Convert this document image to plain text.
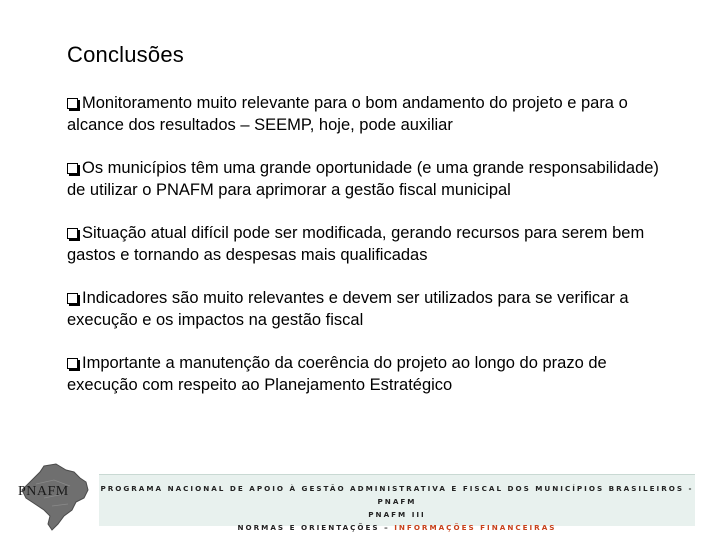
Conclusões

Monitoramento muito relevante para o bom andamento do projeto e para o alcance dos resultados – SEEMP, hoje, pode auxiliar

Os municípios têm uma grande oportunidade (e uma grande responsabilidade) de utilizar o PNAFM para aprimorar a gestão fiscal municipal

Situação atual difícil pode ser modificada, gerando recursos para serem bem gastos e tornando as despesas mais qualificadas

Indicadores são muito relevantes e devem ser utilizados para se verificar a execução e os impactos na gestão fiscal

Importante a manutenção da coerência do projeto ao longo do prazo de execução com respeito ao Planejamento Estratégico

PNAFM	PROGRAMA NACIONAL DE APOIO À GESTÃO ADMINISTRATIVA E FISCAL DOS MUNICÍPIOS BRASILEIROS - PNAFM
PNAFM III
NORMAS E ORIENTAÇÕES – INFORMAÇÕES FINANCEIRAS
